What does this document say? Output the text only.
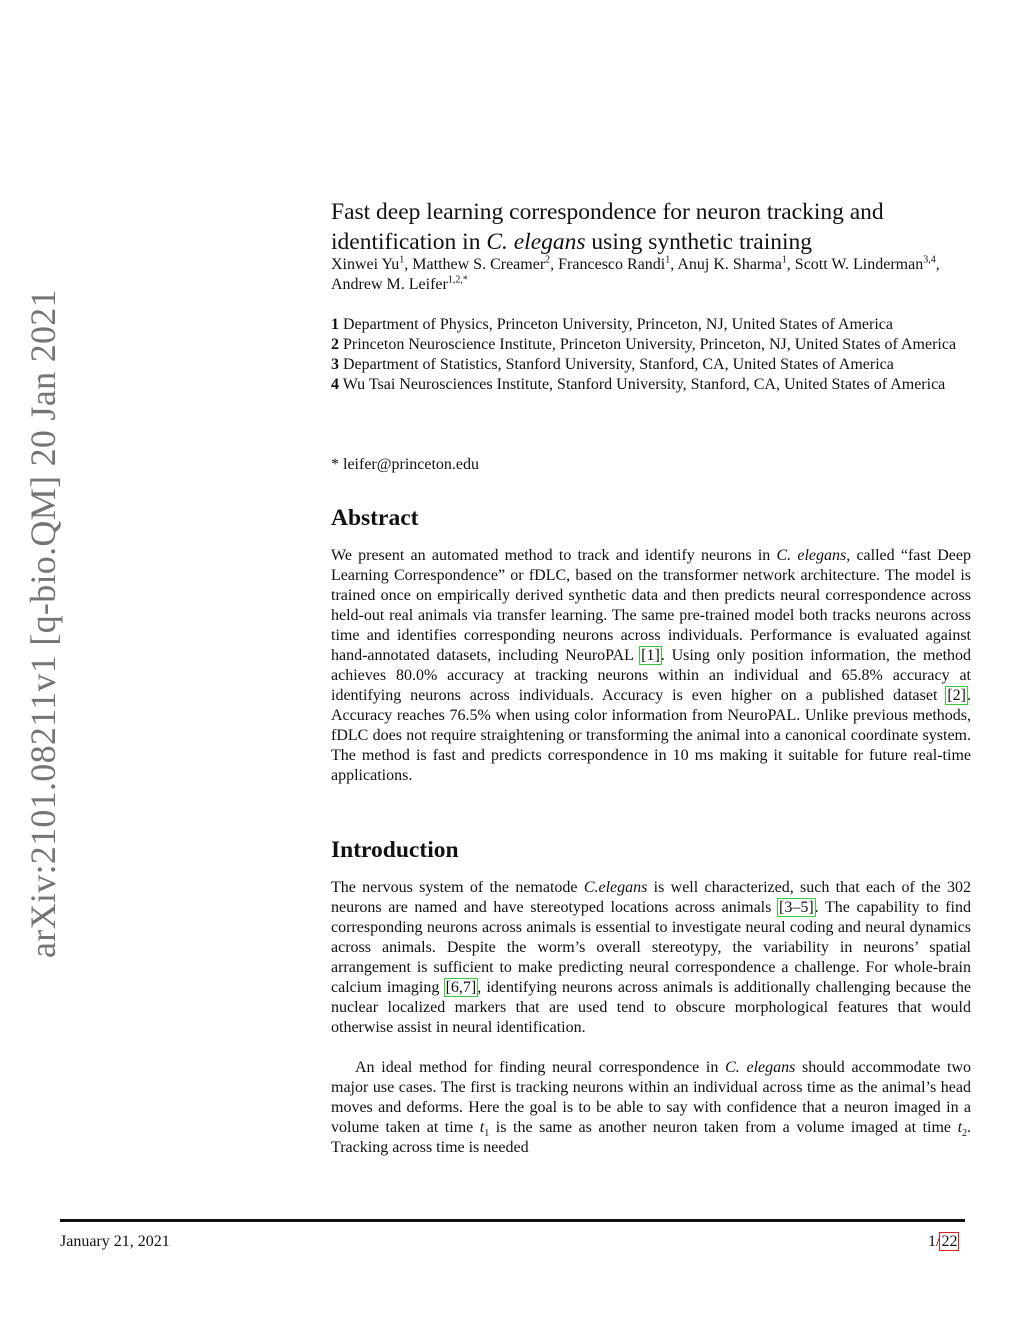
arXiv:2101.08211v1 [q-bio.QM] 20 Jan 2021
Fast deep learning correspondence for neuron tracking and
identification in C. elegans using synthetic training
Xinwei Yu$^1$, Matthew S. Creamer$^2$, Francesco Randi$^1$, Anuj K. Sharma$^1$, Scott W. Linderman$^{3,4}$, Andrew M. Leifer$^{1,2,*}$

1 Department of Physics, Princeton University, Princeton, NJ, United States of America

2 Princeton Neuroscience Institute, Princeton University, Princeton, NJ, United States of America

3 Department of Statistics, Stanford University, Stanford, CA, United States of America

4 Wu Tsai Neurosciences Institute, Stanford University, Stanford, CA, United States of America

* leifer@princeton.edu
Abstract

We present an automated method to track and identify neurons in C. elegans, called “fast Deep Learning Correspondence” or fDLC, based on the transformer network architecture. The model is trained once on empirically derived synthetic data and then predicts neural correspondence across held-out real animals via transfer learning. The same pre-trained model both tracks neurons across time and identifies corresponding neurons across individuals. Performance is evaluated against hand-annotated datasets, including NeuroPAL [1]. Using only position information, the method achieves 80.0% accuracy at tracking neurons within an individual and 65.8% accuracy at identifying neurons across individuals. Accuracy is even higher on a published dataset [2]. Accuracy reaches 76.5% when using color information from NeuroPAL. Unlike previous methods, fDLC does not require straightening or transforming the animal into a canonical coordinate system. The method is fast and predicts correspondence in 10 ms making it suitable for future real-time applications.

Introduction

The nervous system of the nematode C.elegans is well characterized, such that each of the 302 neurons are named and have stereotyped locations across animals [3–5]. The capability to find corresponding neurons across animals is essential to investigate neural coding and neural dynamics across animals. Despite the worm’s overall stereotypy, the variability in neurons’ spatial arrangement is sufficient to make predicting neural correspondence a challenge. For whole-brain calcium imaging [6,7], identifying neurons across animals is additionally challenging because the nuclear localized markers that are used tend to obscure morphological features that would otherwise assist in neural identification.

An ideal method for finding neural correspondence in C. elegans should accommodate two major use cases. The first is tracking neurons within an individual across time as the animal’s head moves and deforms. Here the goal is to be able to say with confidence that a neuron imaged in a volume taken at time $t_1$ is the same as another neuron taken from a volume imaged at time $t_2$. Tracking across time is needed

January 21, 2021	1/22
